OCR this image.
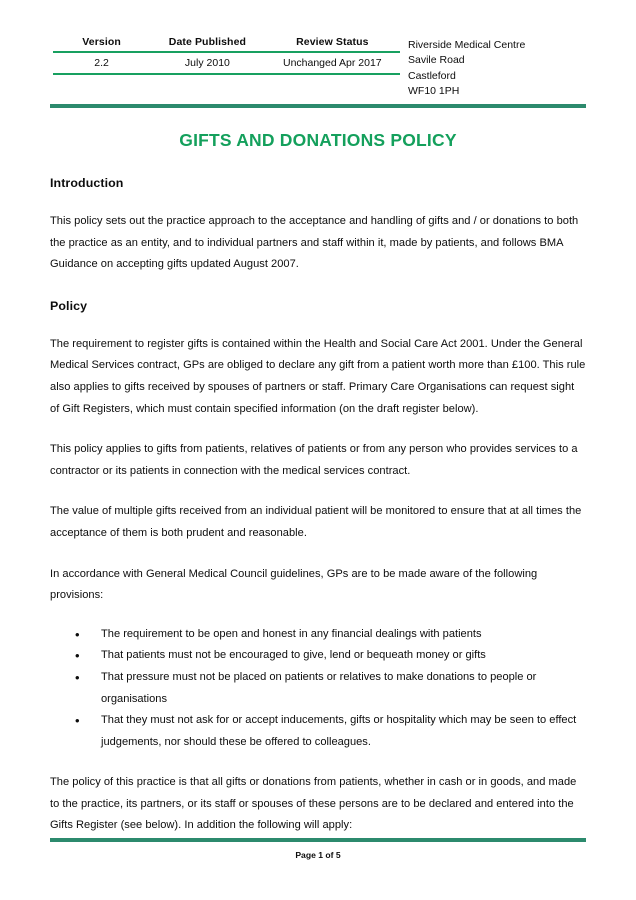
Version	Date Published	Review Status
2.2	July 2010	Unchanged Apr 2017
Riverside Medical Centre
Savile Road
Castleford
WF10 1PH
GIFTS AND DONATIONS POLICY
Introduction

This policy sets out the practice approach to the acceptance and handling of gifts and / or donations to both the practice as an entity, and to individual partners and staff within it, made by patients, and follows BMA Guidance on accepting gifts updated August 2007.

Policy

The requirement to register gifts is contained within the Health and Social Care Act 2001. Under the General Medical Services contract, GPs are obliged to declare any gift from a patient worth more than £100. This rule also applies to gifts received by spouses of partners or staff. Primary Care Organisations can request sight of Gift Registers, which must contain specified information (on the draft register below).

This policy applies to gifts from patients, relatives of patients or from any person who provides services to a contractor or its patients in connection with the medical services contract.

The value of multiple gifts received from an individual patient will be monitored to ensure that at all times the acceptance of them is both prudent and reasonable.

In accordance with General Medical Council guidelines, GPs are to be made aware of the following provisions:

• The requirement to be open and honest in any financial dealings with patients
• That patients must not be encouraged to give, lend or bequeath money or gifts
• That pressure must not be placed on patients or relatives to make donations to people or organisations
• That they must not ask for or accept inducements, gifts or hospitality which may be seen to effect judgements, nor should these be offered to colleagues.

The policy of this practice is that all gifts or donations from patients, whether in cash or in goods, and made to the practice, its partners, or its staff or spouses of these persons are to be declared and entered into the Gifts Register (see below). In addition the following will apply:

Page 1 of 5
